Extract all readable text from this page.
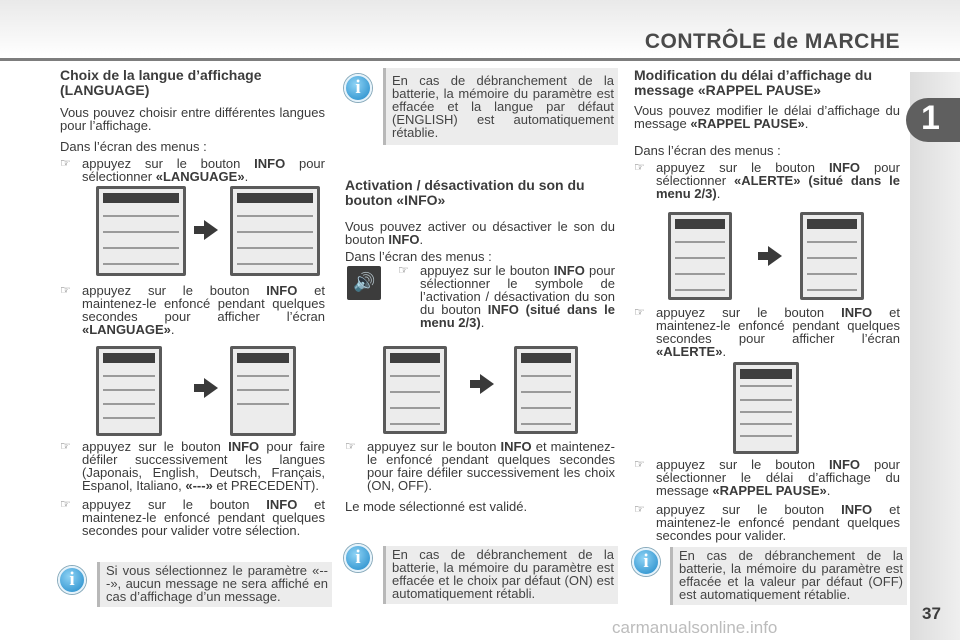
CONTRÔLE de MARCHE
1
Choix de la langue d’affichage (LANGUAGE)

Vous pouvez choisir entre différentes langues pour l’affichage.

Dans l’écran des menus :

☞ appuyez sur le bouton INFO pour sélectionner «LANGUAGE».

☞ appuyez sur le bouton INFO et maintenez-le enfoncé pendant quelques secondes pour afficher l’écran «LANGUAGE».

☞ appuyez sur le bouton INFO pour faire défiler successivement les langues (Japonais, English, Deutsch, Français, Espanol, Italiano, «---» et PRECEDENT).

☞ appuyez sur le bouton INFO et maintenez-le enfoncé pendant quelques secondes pour valider votre sélection.

Si vous sélectionnez le paramètre «---», aucun message ne sera affiché en cas d’affichage d’un message.
i
En cas de débranchement de la batterie, la mémoire du paramètre est effacée et la langue par défaut (ENGLISH) est automatiquement rétablie.
i
Activation / désactivation du son du bouton «INFO»

Vous pouvez activer ou désactiver le son du bouton INFO.

Dans l’écran des menus :

🔊

☞ appuyez sur le bouton INFO pour sélectionner le symbole de l’activation / désactivation du son du bouton INFO (situé dans le menu 2/3).

☞ appuyez sur le bouton INFO et maintenez-le enfoncé pendant quelques secondes pour faire défiler successivement les choix (ON, OFF).

Le mode sélectionné est validé.

En cas de débranchement de la batterie, la mémoire du paramètre est effacée et le choix par défaut (ON) est automatiquement rétabli.
i
Modification du délai d’affichage du message «RAPPEL PAUSE»

Vous pouvez modifier le délai d’affichage du message «RAPPEL PAUSE».

Dans l’écran des menus :

☞ appuyez sur le bouton INFO pour sélectionner «ALERTE» (situé dans le menu 2/3).

☞ appuyez sur le bouton INFO et maintenez-le enfoncé pendant quelques secondes pour afficher l’écran «ALERTE».

☞ appuyez sur le bouton INFO pour sélectionner le délai d’affichage du message «RAPPEL PAUSE».

☞ appuyez sur le bouton INFO et maintenez-le enfoncé pendant quelques secondes pour valider.

En cas de débranchement de la batterie, la mémoire du paramètre est effacée et la valeur par défaut (OFF) est automatiquement rétablie.
i
carmanualsonline.info
37
